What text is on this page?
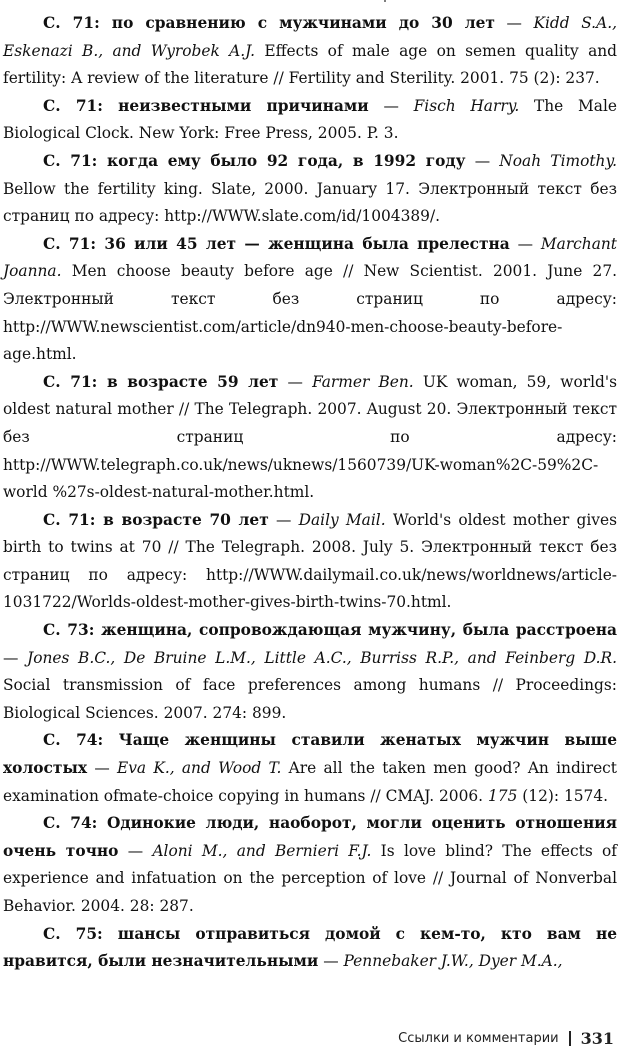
С. 71: по сравнению с мужчинами до 30 лет — Kidd S.A., Eskenazi B., and Wyrobek A.J. Effects of male age on semen quality and fertility: A review of the literature // Fertility and Sterility. 2001. 75 (2): 237.

С. 71: неизвестными причинами — Fisch Harry. The Male Biological Clock. New York: Free Press, 2005. P. 3.

С. 71: когда ему было 92 года, в 1992 году — Noah Timothy. Bellow the fertility king. Slate, 2000. January 17. Электронный текст без страниц по адресу: http://WWW.slate.com/id/1004389/.

С. 71: 36 или 45 лет — женщина была прелестна — Marchant Joanna. Men choose beauty before age // New Scientist. 2001. June 27. Электронный текст без страниц по адресу: http://WWW.newscientist.com/article/dn940-men-choose-beauty-before-age.html.

С. 71: в возрасте 59 лет — Farmer Ben. UK woman, 59, world's oldest natural mother // The Telegraph. 2007. August 20. Электронный текст без страниц по адресу: http://WWW.telegraph.co.uk/news/uknews/1560739/UK-woman%2C-59%2C-world %27s-oldest-natural-mother.html.

С. 71: в возрасте 70 лет — Daily Mail. World's oldest mother gives birth to twins at 70 // The Telegraph. 2008. July 5. Электронный текст без страниц по адресу: http://WWW.dailymail.co.uk/news/worldnews/article-1031722/Worlds-oldest-mother-gives-birth-twins-70.html.

С. 73: женщина, сопровождающая мужчину, была расстроена — Jones B.C., De Bruine L.M., Little A.C., Burriss R.P., and Feinberg D.R. Social transmission of face preferences among humans // Proceedings: Biological Sciences. 2007. 274: 899.

С. 74: Чаще женщины ставили женатых мужчин выше холостых — Eva K., and Wood T. Are all the taken men good? An indirect examination ofmate-choice copying in humans // CMAJ. 2006. 175 (12): 1574.

С. 74: Одинокие люди, наоборот, могли оценить отношения очень точно — Aloni M., and Bernieri F.J. Is love blind? The effects of experience and infatuation on the perception of love // Journal of Nonverbal Behavior. 2004. 28: 287.

С. 75: шансы отправиться домой с кем-то, кто вам не нравится, были незначительными — Pennebaker J.W., Dyer M.A.,

Ссылки и комментарии 331
